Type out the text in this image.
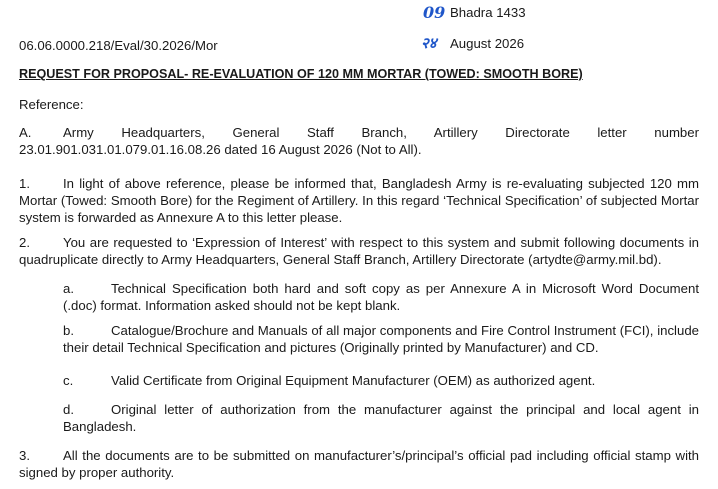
09 Bhadra 1433
06.06.0000.218/Eval/30.2026/Mor	२४ August 2026
REQUEST FOR PROPOSAL- RE-EVALUATION OF 120 MM MORTAR (TOWED: SMOOTH BORE)
Reference:
A. Army Headquarters, General Staff Branch, Artillery Directorate letter number 23.01.901.031.01.079.01.16.08.26 dated 16 August 2026 (Not to All).
1.	In light of above reference, please be informed that, Bangladesh Army is re-evaluating subjected 120 mm Mortar (Towed: Smooth Bore) for the Regiment of Artillery. In this regard ‘Technical Specification’ of subjected Mortar system is forwarded as Annexure A to this letter please.
2.	You are requested to ‘Expression of Interest’ with respect to this system and submit following documents in quadruplicate directly to Army Headquarters, General Staff Branch, Artillery Directorate (artydte@army.mil.bd).
a.	Technical Specification both hard and soft copy as per Annexure A in Microsoft Word Document (.doc) format. Information asked should not be kept blank.
b.	Catalogue/Brochure and Manuals of all major components and Fire Control Instrument (FCI), include their detail Technical Specification and pictures (Originally printed by Manufacturer) and CD.
c.	Valid Certificate from Original Equipment Manufacturer (OEM) as authorized agent.
d.	Original letter of authorization from the manufacturer against the principal and local agent in Bangladesh.
3.	All the documents are to be submitted on manufacturer’s/principal’s official pad including official stamp with signed by proper authority.
